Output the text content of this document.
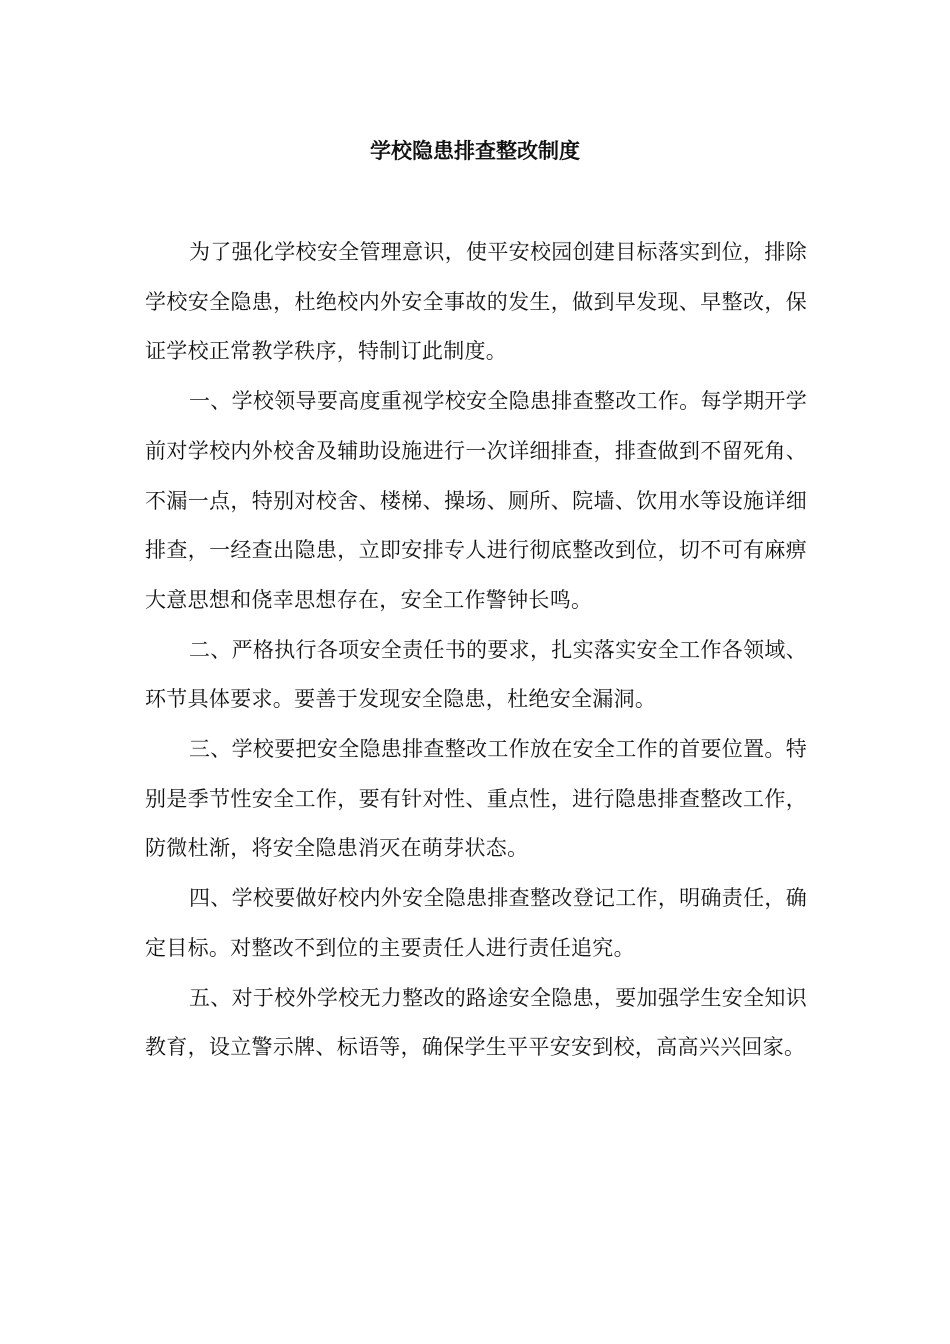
学校隐患排查整改制度

为了强化学校安全管理意识，使平安校园创建目标落实到位，排除学校安全隐患，杜绝校内外安全事故的发生，做到早发现、早整改，保证学校正常教学秩序，特制订此制度。

一、学校领导要高度重视学校安全隐患排查整改工作。每学期开学前对学校内外校舍及辅助设施进行一次详细排查，排查做到不留死角、不漏一点，特别对校舍、楼梯、操场、厕所、院墙、饮用水等设施详细排查，一经查出隐患，立即安排专人进行彻底整改到位，切不可有麻痹大意思想和侥幸思想存在，安全工作警钟长鸣。

二、严格执行各项安全责任书的要求，扎实落实安全工作各领域、环节具体要求。要善于发现安全隐患，杜绝安全漏洞。

三、学校要把安全隐患排查整改工作放在安全工作的首要位置。特别是季节性安全工作，要有针对性、重点性，进行隐患排查整改工作，防微杜渐，将安全隐患消灭在萌芽状态。

四、学校要做好校内外安全隐患排查整改登记工作，明确责任，确定目标。对整改不到位的主要责任人进行责任追究。

五、对于校外学校无力整改的路途安全隐患，要加强学生安全知识教育，设立警示牌、标语等，确保学生平平安安到校，高高兴兴回家。
